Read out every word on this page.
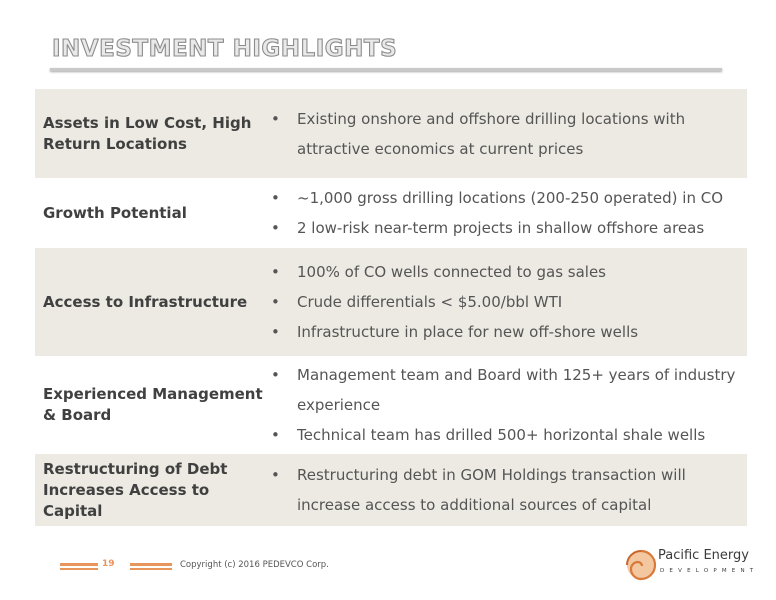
INVESTMENT HIGHLIGHTS
Assets in Low Cost, High Return Locations
•	Existing onshore and offshore drilling locations with attractive economics at current prices
Growth Potential
•	~1,000 gross drilling locations (200-250 operated) in CO
•	2 low-risk near-term projects in shallow offshore areas
Access to Infrastructure
•	100% of CO wells connected to gas sales
•	Crude differentials < $5.00/bbl WTI
•	Infrastructure in place for new off-shore wells
Experienced Management & Board
•	Management team and Board with 125+ years of industry experience
•	Technical team has drilled 500+ horizontal shale wells
Restructuring of Debt Increases Access to Capital
•	Restructuring debt in GOM Holdings transaction will increase access to additional sources of capital
19	Copyright (c) 2016 PEDEVCO Corp.
Pacific Energy
DEVELOPMENT
